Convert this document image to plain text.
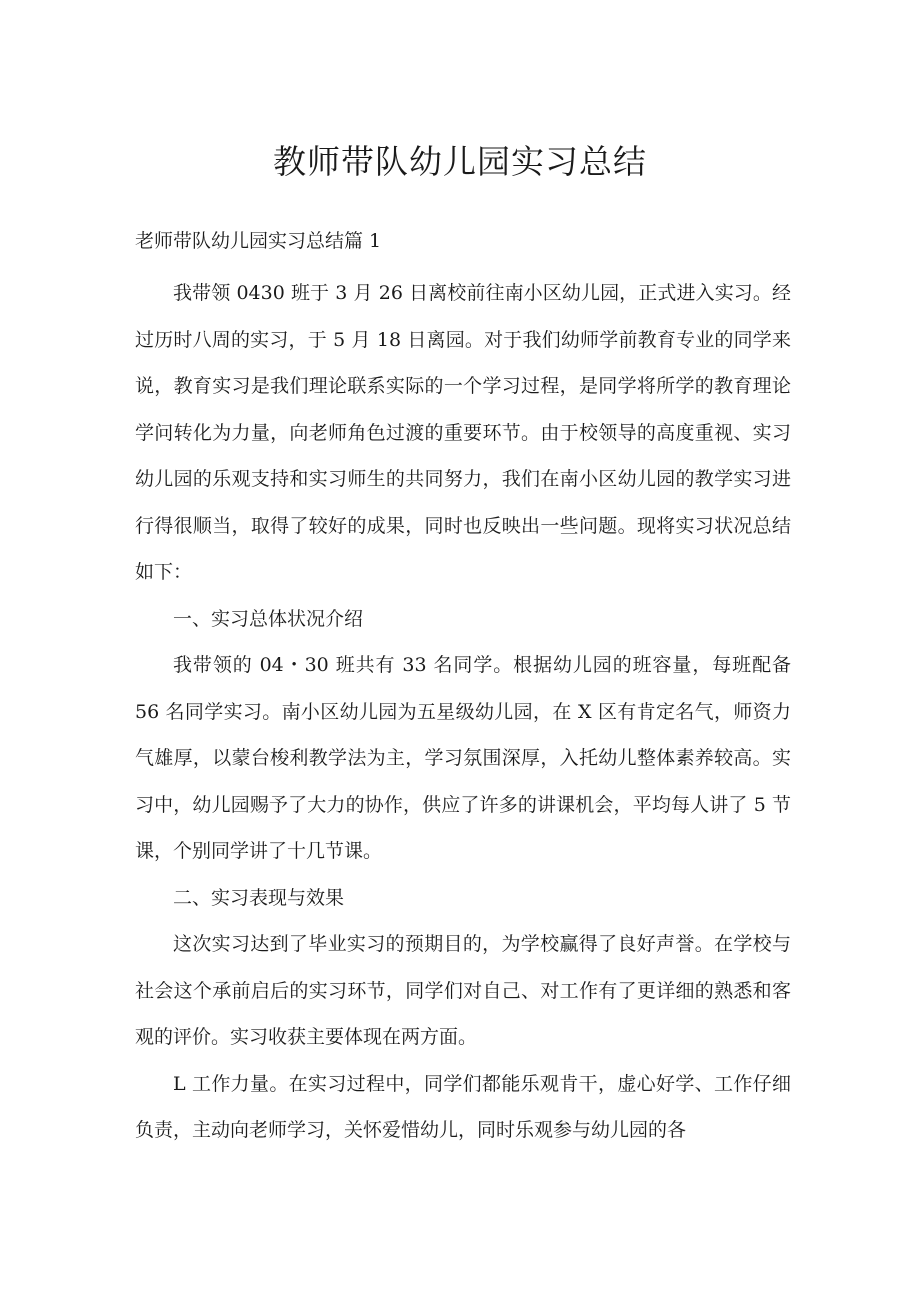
教师带队幼儿园实习总结

老师带队幼儿园实习总结篇 1

我带领 0430 班于 3 月 26 日离校前往南小区幼儿园，正式进入实习。经过历时八周的实习，于 5 月 18 日离园。对于我们幼师学前教育专业的同学来说，教育实习是我们理论联系实际的一个学习过程，是同学将所学的教育理论学问转化为力量，向老师角色过渡的重要环节。由于校领导的高度重视、实习幼儿园的乐观支持和实习师生的共同努力，我们在南小区幼儿园的教学实习进行得很顺当，取得了较好的成果，同时也反映出一些问题。现将实习状况总结如下：

一、实习总体状况介绍

我带领的 04・30 班共有 33 名同学。根据幼儿园的班容量，每班配备 56 名同学实习。南小区幼儿园为五星级幼儿园，在 X 区有肯定名气，师资力气雄厚，以蒙台梭利教学法为主，学习氛围深厚，入托幼儿整体素养较高。实习中，幼儿园赐予了大力的协作，供应了许多的讲课机会，平均每人讲了 5 节课，个别同学讲了十几节课。

二、实习表现与效果

这次实习达到了毕业实习的预期目的，为学校赢得了良好声誉。在学校与社会这个承前启后的实习环节，同学们对自己、对工作有了更详细的熟悉和客观的评价。实习收获主要体现在两方面。

L 工作力量。在实习过程中，同学们都能乐观肯干，虚心好学、工作仔细负责，主动向老师学习，关怀爱惜幼儿，同时乐观参与幼儿园的各
